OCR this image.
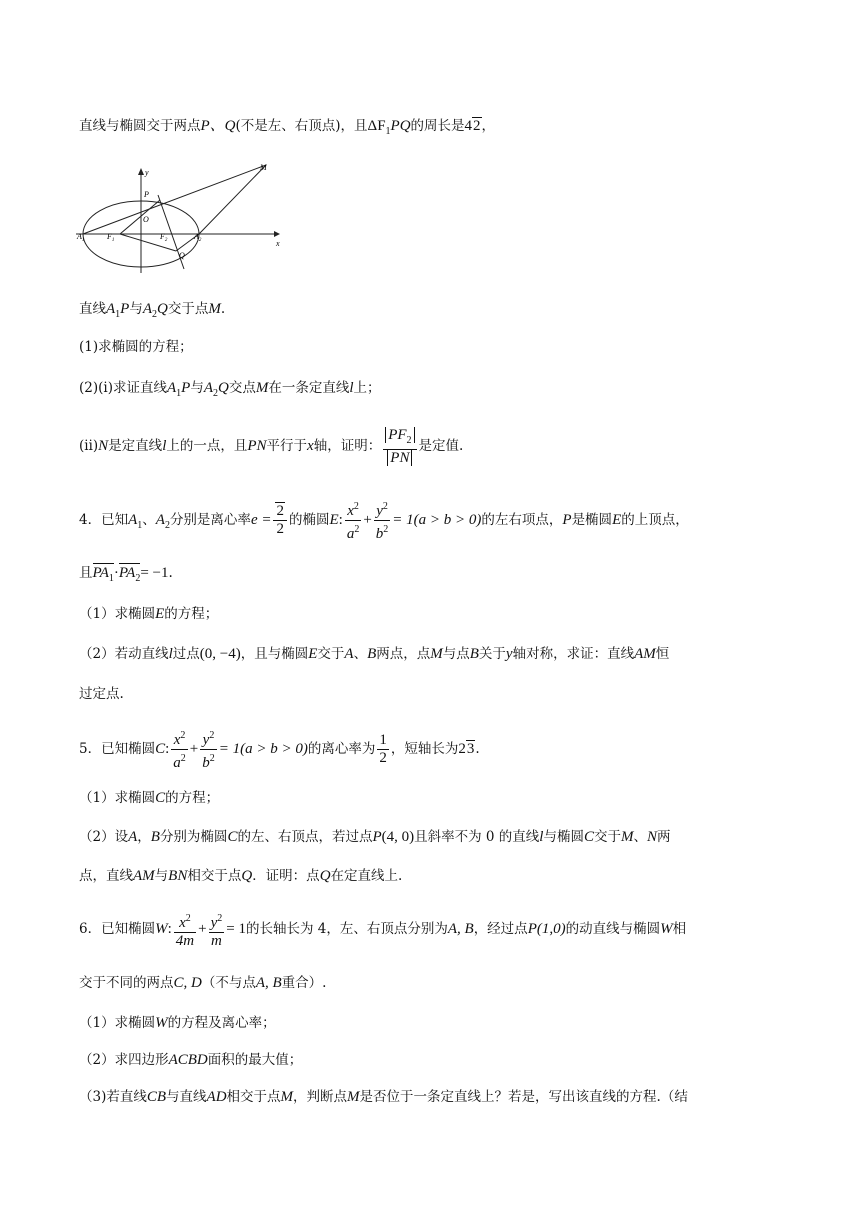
直线与椭圆交于两点P、Q(不是左、右顶点)，且$\Delta F_1PQ$的周长是42，
y
x
O
P
Q
M
$A_1$	$A_2$
$F_1$	$F_2$
直线$A_1P$与$A_2Q$交于点M.
(1)求椭圆的方程；
(2)(ⅰ)求证直线$A_1P$与$A_2Q$交点M在一条定直线l上；
(ⅱ)N是定直线l上的一点，且PN平行于x轴，证明： $\frac{PF_2}{PN}$ 是定值.
4．已知$A_1$、$A_2$分别是离心率$e = \frac{2}{2}$ 的椭圆E: $\frac{x^2}{a^2} + \frac{y^2}{b^2} = 1(a > b > 0)$的左右项点，P是椭圆E的上顶点，
且$PA_1\cdot PA_2= -1$.
（1）求椭圆E的方程；
（2）若动直线l过点(0, −4)，且与椭圆E交于A、B两点，点M与点B关于y轴对称，求证：直线AM恒
过定点.
5．已知椭圆C: $\frac{x^2}{a^2} + \frac{y^2}{b^2} = 1(a > b > 0)$的离心率为 $\frac{1}{2}$ ，短轴长为23.
（1）求椭圆C的方程；
（2）设A，B分别为椭圆C的左、右顶点，若过点P(4, 0)且斜率不为 0 的直线l与椭圆C交于M、N两
点，直线AM与BN相交于点Q．证明：点Q在定直线上.
6．已知椭圆W: $\frac{x^2}{4m} + \frac{y^2}{m} = 1$的长轴长为 4，左、右顶点分别为A, B，经过点P(1,0)的动直线与椭圆W相
交于不同的两点C, D（不与点A, B重合）.
（1）求椭圆W的方程及离心率；
（2）求四边形ACBD面积的最大值；
（3)若直线CB与直线AD相交于点M，判断点M是否位于一条定直线上？若是，写出该直线的方程.（结
